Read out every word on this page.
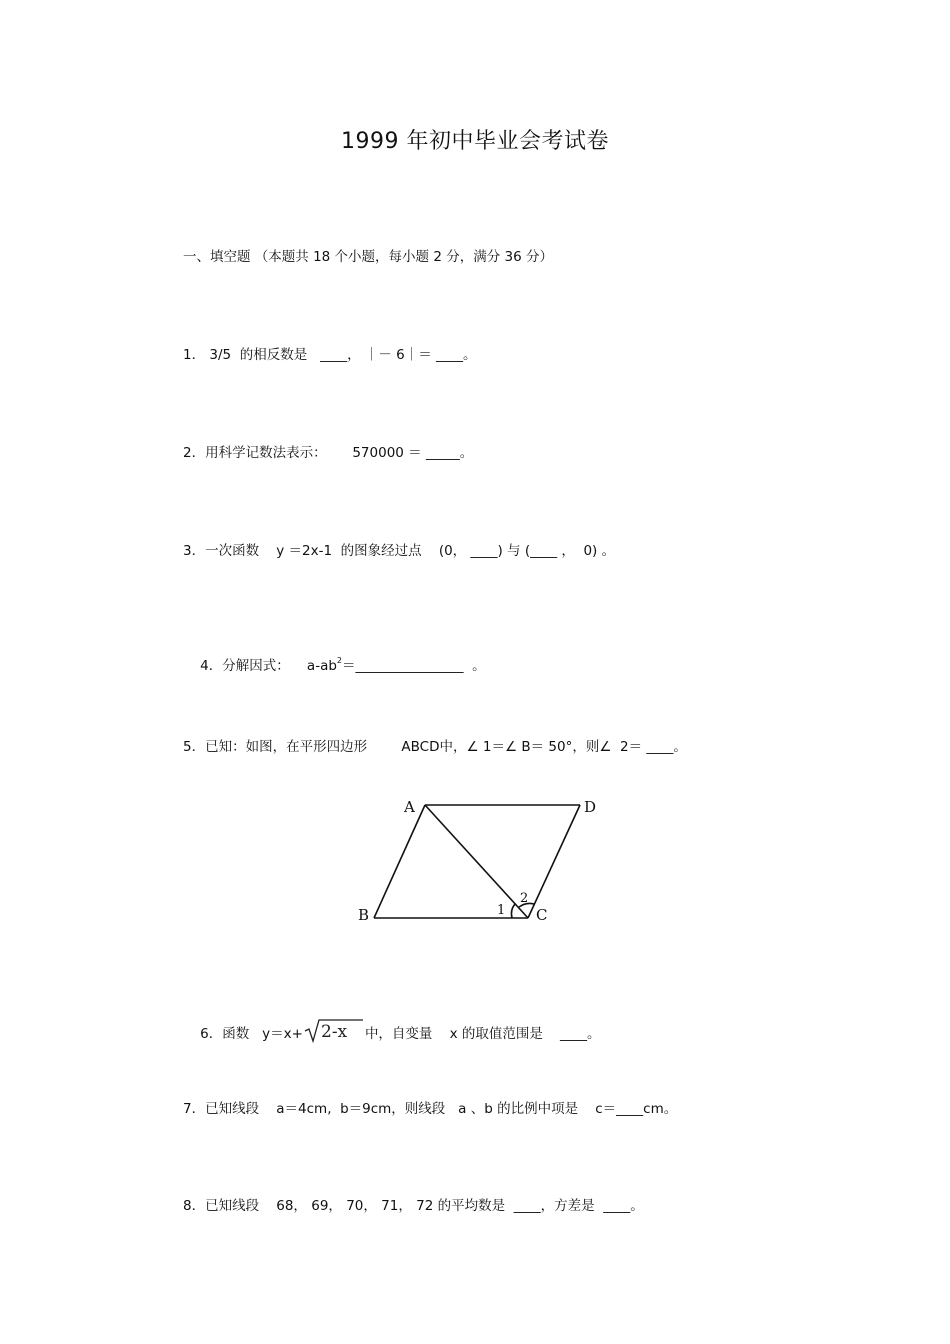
1999 年初中毕业会考试卷
一、填空题 （本题共 18 个小题，每小题 2 分，满分 36 分）
1． 3/5  的相反数是   ____， ｜－ 6｜＝ ____。
2．用科学记数法表示：      570000 ＝ _____。
3．一次函数    y ＝2x-1  的图象经过点    (0， ____) 与 (____ ，  0) 。

4．分解因式：    $a-ab^2=\_\_\_\_\_\_\_\_\_\_\_\_\_\_\_\_$  。

5．已知：如图，在平形四边形        ABCD中，∠ 1＝∠ B＝ 50°，则∠  2＝ ____。
A	D
B	C
1
2

6．函数   y＝x+ 2-x 中，自变量    x 的取值范围是    ____。

7．已知线段    a＝4cm,  b＝9cm，则线段   a 、b 的比例中项是    c＝____cm。
8．已知线段    68， 69， 70， 71， 72 的平均数是  ____，方差是  ____。
